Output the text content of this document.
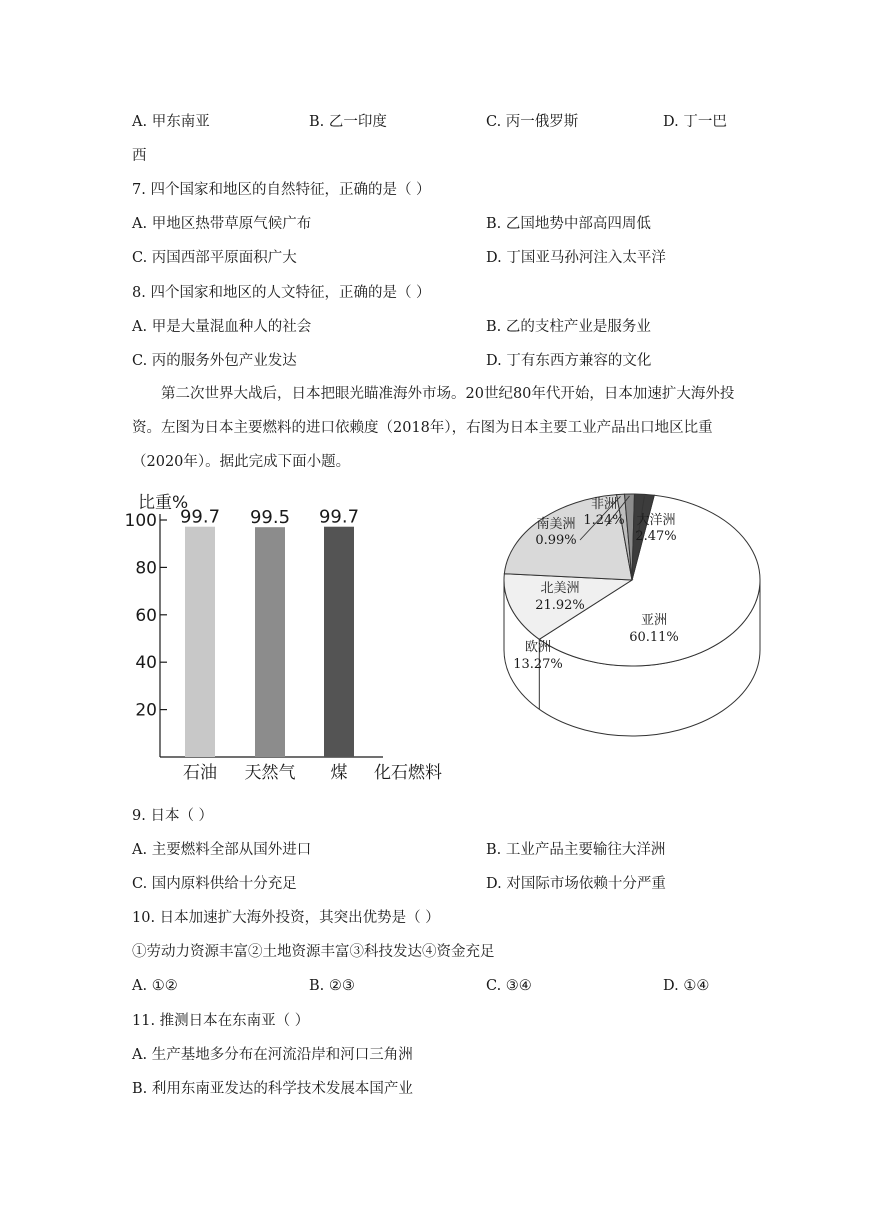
A. 甲东南亚	B. 乙一印度	C. 丙一俄罗斯	D. 丁一巴
西
7. 四个国家和地区的自然特征，正确的是（ ）
A. 甲地区热带草原气候广布	B. 乙国地势中部高四周低
C. 丙国西部平原面积广大	D. 丁国亚马孙河注入太平洋
8. 四个国家和地区的人文特征，正确的是（ ）
A. 甲是大量混血种人的社会	B. 乙的支柱产业是服务业
C. 丙的服务外包产业发达	D. 丁有东西方兼容的文化
第二次世界大战后，日本把眼光瞄准海外市场。20世纪80年代开始，日本加速扩大海外投资。左图为日本主要燃料的进口依赖度（2018年），右图为日本主要工业产品出口地区比重（2020年）。据此完成下面小题。
比重%
化石燃料
100
80
60
40
20
99.7
石油
99.5
天然气
99.7
煤
亚洲
60.11%
欧洲
13.27%
北美洲
21.92%
南美洲
0.99%
非洲
1.24% 大洋洲
2.47%
9. 日本（ ）
A. 主要燃料全部从国外进口	B. 工业产品主要输往大洋洲
C. 国内原料供给十分充足	D. 对国际市场依赖十分严重
10. 日本加速扩大海外投资，其突出优势是（ ）
①劳动力资源丰富②土地资源丰富③科技发达④资金充足
A. ①②	B. ②③	C. ③④	D. ①④
11. 推测日本在东南亚（ ）
A. 生产基地多分布在河流沿岸和河口三角洲
B. 利用东南亚发达的科学技术发展本国产业
